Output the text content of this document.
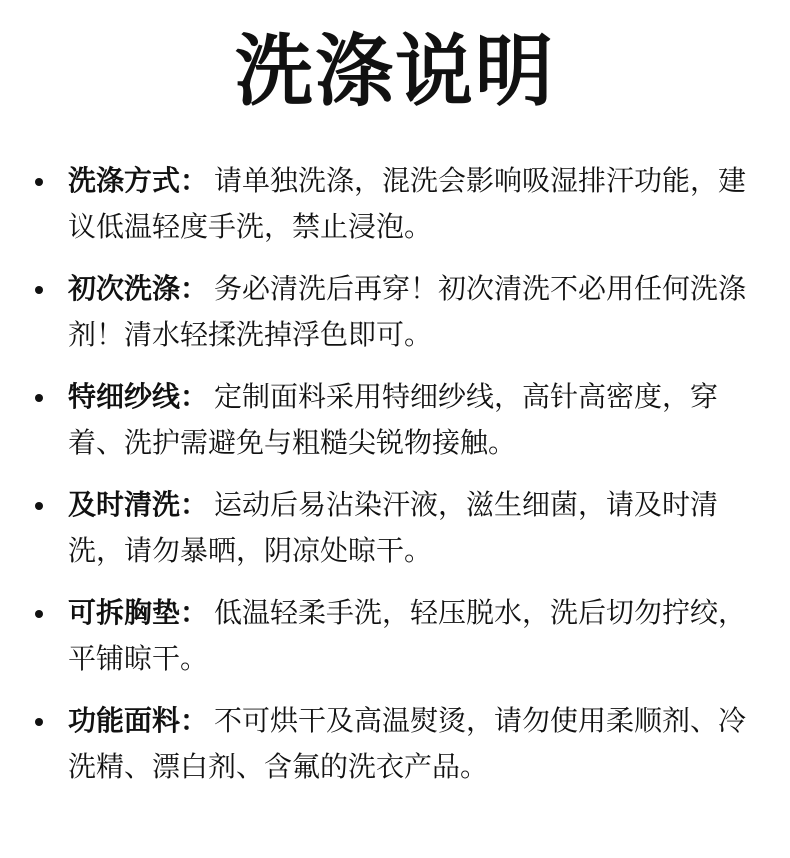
洗涤说明

洗涤方式： 请单独洗涤，混洗会影响吸湿排汗功能，建议低温轻度手洗，禁止浸泡。

初次洗涤： 务必清洗后再穿！初次清洗不必用任何洗涤剂！清水轻揉洗掉浮色即可。

特细纱线： 定制面料采用特细纱线，高针高密度，穿着、洗护需避免与粗糙尖锐物接触。

及时清洗： 运动后易沾染汗液，滋生细菌，请及时清洗，请勿暴晒，阴凉处晾干。

可拆胸垫： 低温轻柔手洗，轻压脱水，洗后切勿拧绞，平铺晾干。

功能面料： 不可烘干及高温熨烫，请勿使用柔顺剂、冷洗精、漂白剂、含氟的洗衣产品。
